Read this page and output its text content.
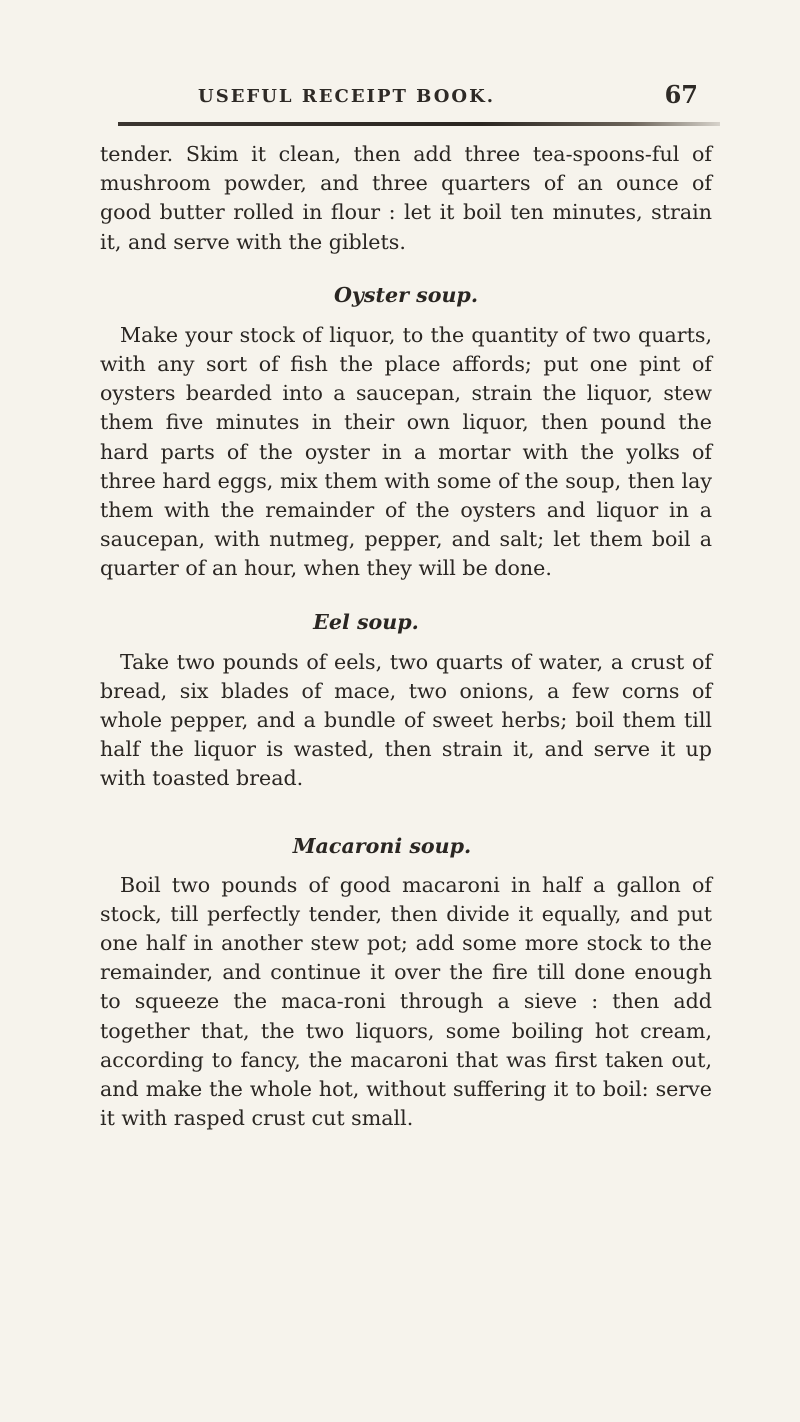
USEFUL RECEIPT BOOK.	67

tender. Skim it clean, then add three tea-spoons-ful of mushroom powder, and three quarters of an ounce of good butter rolled in flour : let it boil ten minutes, strain it, and serve with the giblets.

Oyster soup.

Make your stock of liquor, to the quantity of two quarts, with any sort of fish the place affords; put one pint of oysters bearded into a saucepan, strain the liquor, stew them five minutes in their own liquor, then pound the hard parts of the oyster in a mortar with the yolks of three hard eggs, mix them with some of the soup, then lay them with the remainder of the oysters and liquor in a saucepan, with nutmeg, pepper, and salt; let them boil a quarter of an hour, when they will be done.

Eel soup.

Take two pounds of eels, two quarts of water, a crust of bread, six blades of mace, two onions, a few corns of whole pepper, and a bundle of sweet herbs; boil them till half the liquor is wasted, then strain it, and serve it up with toasted bread.

Macaroni soup.

Boil two pounds of good macaroni in half a gallon of stock, till perfectly tender, then divide it equally, and put one half in another stew pot; add some more stock to the remainder, and continue it over the fire till done enough to squeeze the maca-roni through a sieve : then add together that, the two liquors, some boiling hot cream, according to fancy, the macaroni that was first taken out, and make the whole hot, without suffering it to boil: serve it with rasped crust cut small.
